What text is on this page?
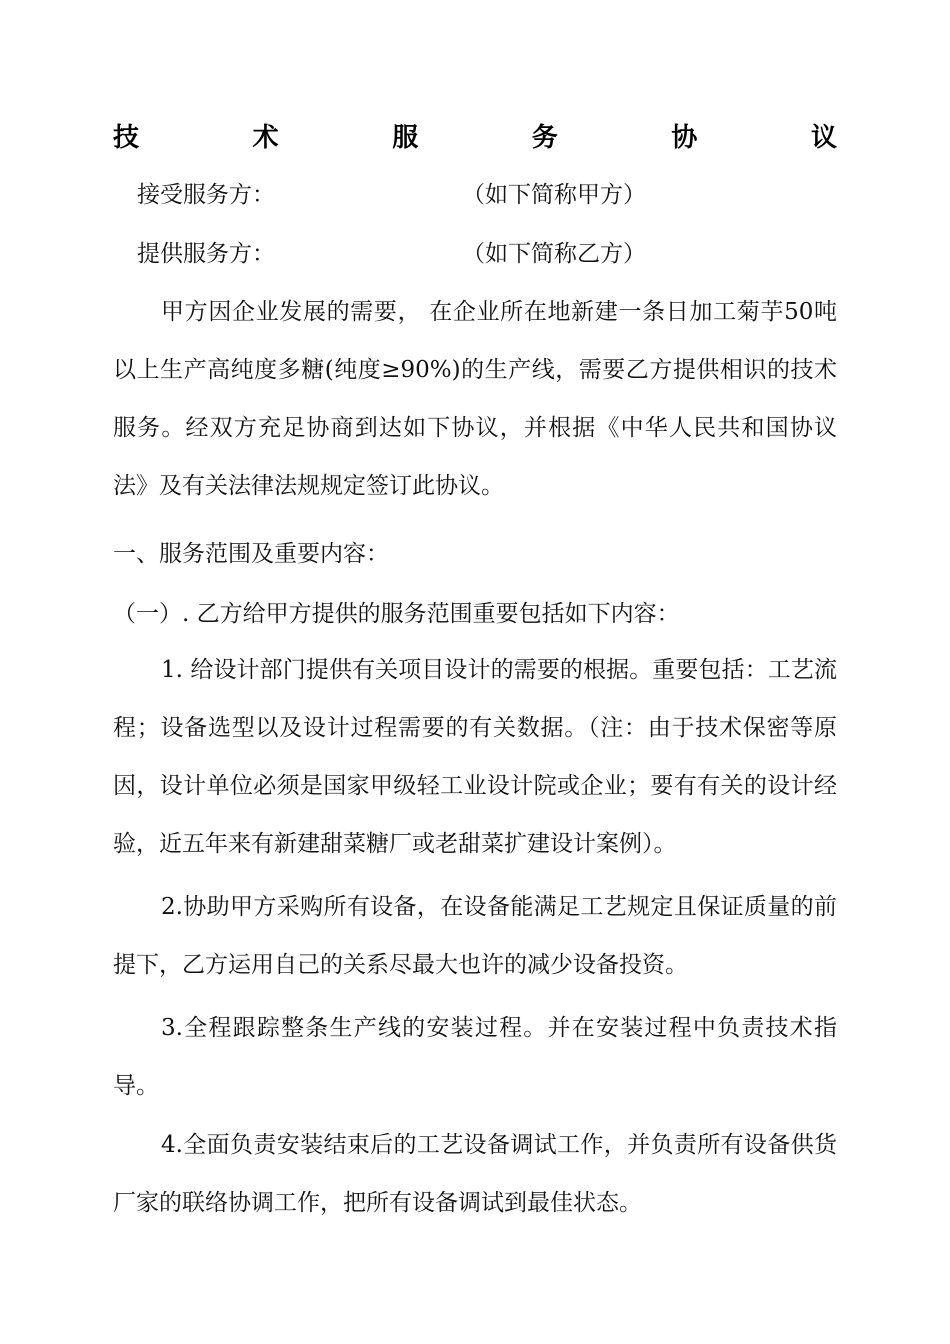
技	术	服	务	协	议
接受服务方：	（如下简称甲方）
提供服务方：	（如下简称乙方）
甲方因企业发展的需要， 在企业所在地新建一条日加工菊芋50吨以上生产高纯度多糖(纯度≥90%)的生产线，需要乙方提供相识的技术服务。经双方充足协商到达如下协议，并根据《中华人民共和国协议法》及有关法律法规规定签订此协议。
一、服务范围及重要内容：
（一）. 乙方给甲方提供的服务范围重要包括如下内容：
1. 给设计部门提供有关项目设计的需要的根据。重要包括：工艺流程；设备选型以及设计过程需要的有关数据。（注：由于技术保密等原因，设计单位必须是国家甲级轻工业设计院或企业；要有有关的设计经验，近五年来有新建甜菜糖厂或老甜菜扩建设计案例）。
2.协助甲方采购所有设备，在设备能满足工艺规定且保证质量的前提下，乙方运用自己的关系尽最大也许的减少设备投资。
3.全程跟踪整条生产线的安装过程。并在安装过程中负责技术指导。
4.全面负责安装结束后的工艺设备调试工作，并负责所有设备供货厂家的联络协调工作，把所有设备调试到最佳状态。
